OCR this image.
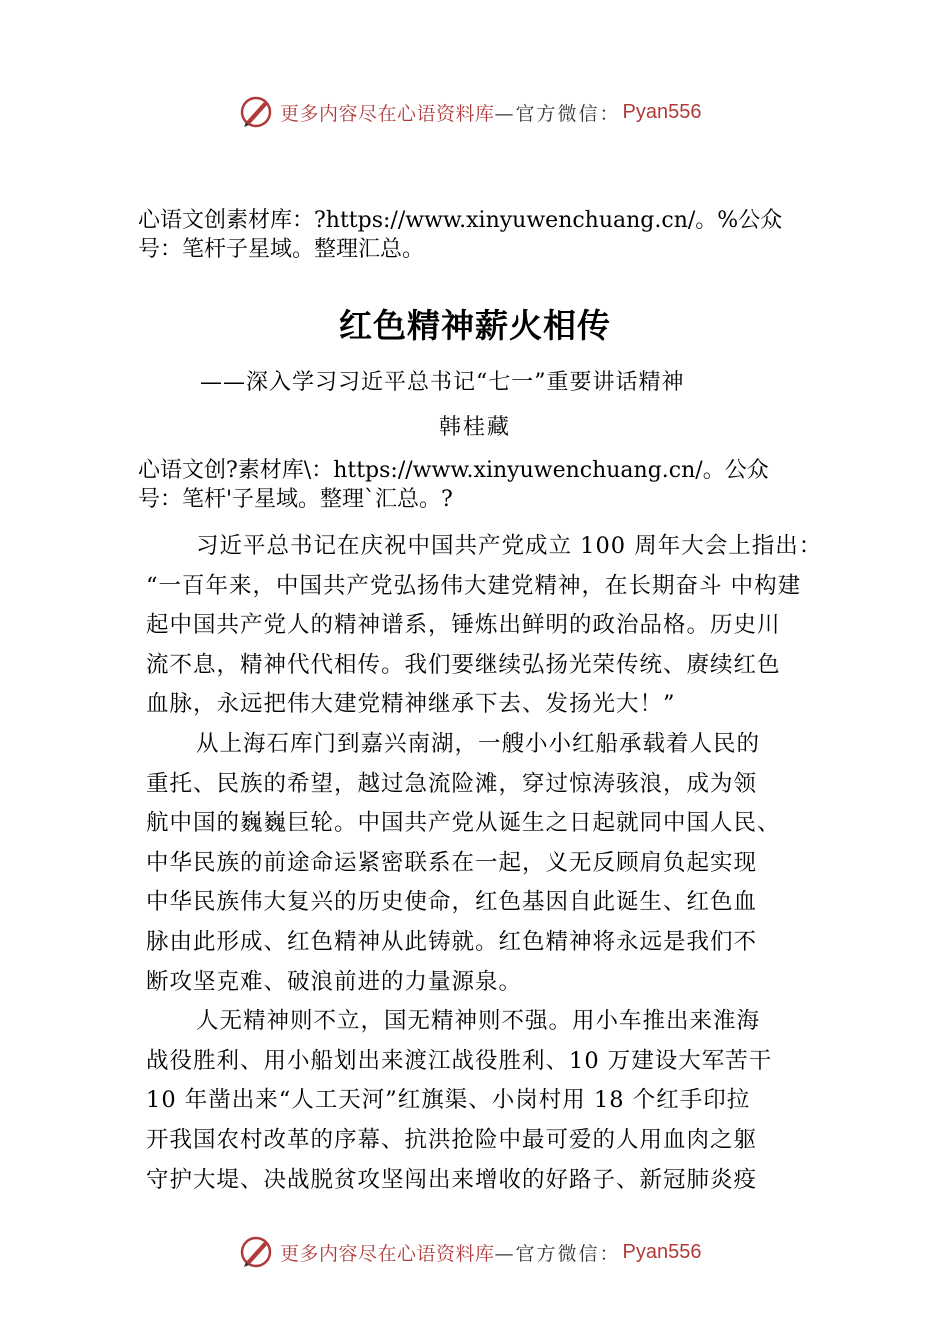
更多内容尽在心语资料库 —官方微信： Pyan556
心语文创素材库：?https://www.xinyuwenchuang.cn/。%公众
号：笔杆子星域。整理汇总。
红色精神薪火相传
——深入学习习近平总书记“七一”重要讲话精神
韩桂藏
心语文创?素材库\：https://www.xinyuwenchuang.cn/。公众
号：笔杆'子星域。整理`汇总。?
习近平总书记在庆祝中国共产党成立 100 周年大会上指出：
“一百年来，中国共产党弘扬伟大建党精神，在长期奋斗 中构建
起中国共产党人的精神谱系，锤炼出鲜明的政治品格。历史川
流不息，精神代代相传。我们要继续弘扬光荣传统、赓续红色
血脉，永远把伟大建党精神继承下去、发扬光大！”
从上海石库门到嘉兴南湖，一艘小小红船承载着人民的
重托、民族的希望，越过急流险滩，穿过惊涛骇浪，成为领
航中国的巍巍巨轮。中国共产党从诞生之日起就同中国人民、
中华民族的前途命运紧密联系在一起，义无反顾肩负起实现
中华民族伟大复兴的历史使命，红色基因自此诞生、红色血
脉由此形成、红色精神从此铸就。红色精神将永远是我们不
断攻坚克难、破浪前进的力量源泉。
人无精神则不立，国无精神则不强。用小车推出来淮海
战役胜利、用小船划出来渡江战役胜利、10 万建设大军苦干
10 年凿出来“人工天河”红旗渠、小岗村用 18 个红手印拉
开我国农村改革的序幕、抗洪抢险中最可爱的人用血肉之躯
守护大堤、决战脱贫攻坚闯出来增收的好路子、新冠肺炎疫
更多内容尽在心语资料库 —官方微信： Pyan556
